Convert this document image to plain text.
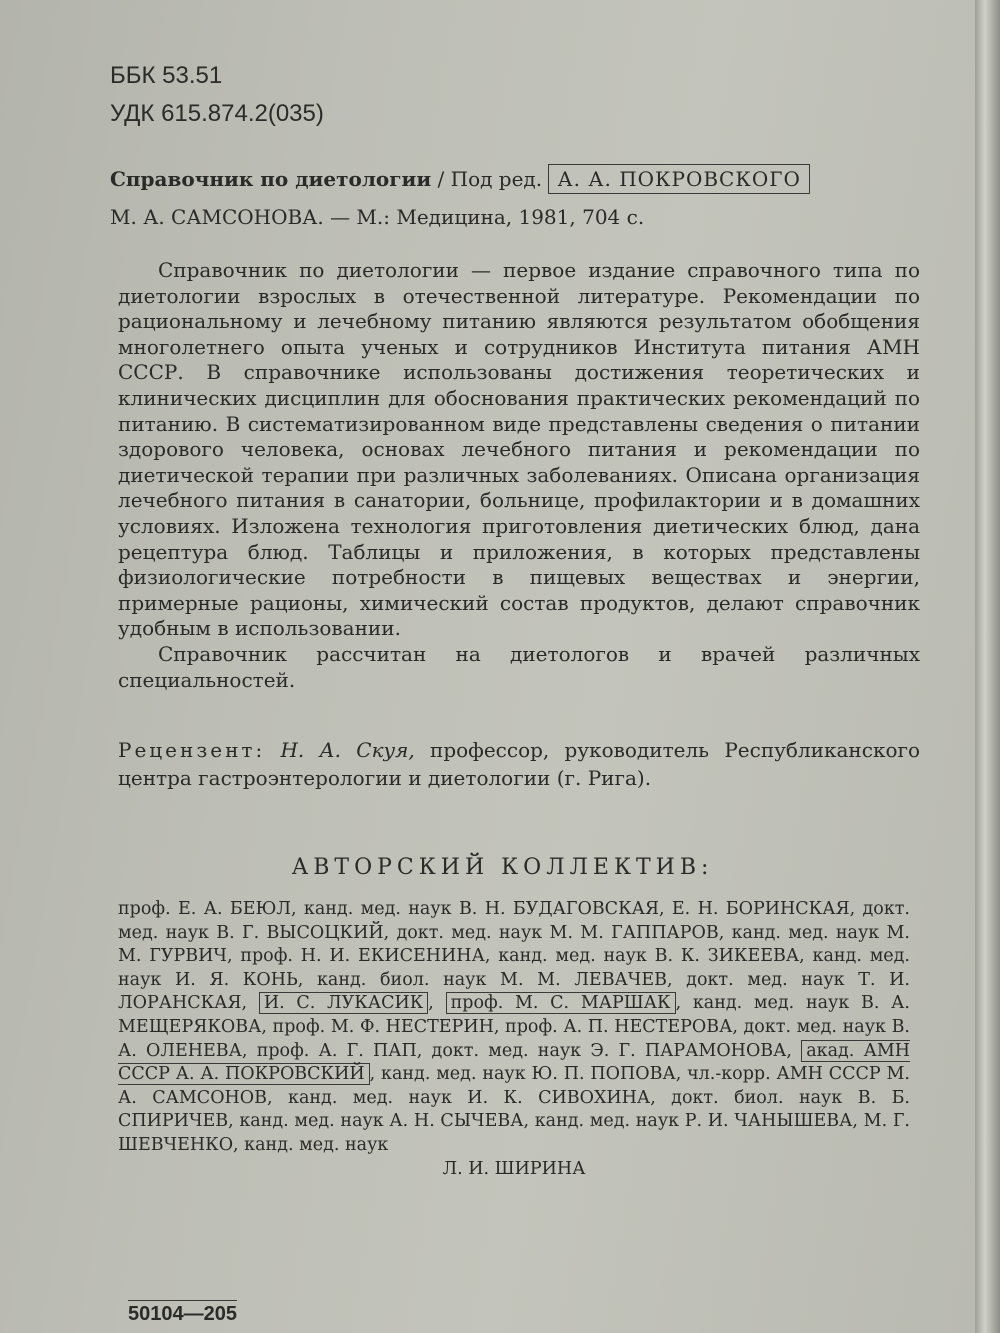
ББК 53.51
УДК 615.874.2(035)
Справочник по диетологии / Под ред. А. А. ПОКРОВСКОГО
М. А. САМСОНОВА. — М.: Медицина, 1981, 704 с.

Справочник по диетологии — первое издание справочного типа по диетологии взрослых в отечественной литературе. Рекомендации по рациональному и лечебному питанию являются результатом обобщения многолетнего опыта ученых и сотрудников Института питания АМН СССР. В справочнике использованы достижения теоретических и клинических дисциплин для обоснования практических рекомендаций по питанию. В систематизированном виде представлены сведения о питании здорового человека, основах лечебного питания и рекомендации по диетической терапии при различных заболеваниях. Описана организация лечебного питания в санатории, больнице, профилактории и в домашних условиях. Изложена технология приготовления диетических блюд, дана рецептура блюд. Таблицы и приложения, в которых представлены физиологические потребности в пищевых веществах и энергии, примерные рационы, химический состав продуктов, делают справочник удобным в использовании.

Справочник рассчитан на диетологов и врачей различных специальностей.

Рецензент: Н. А. Скуя, профессор, руководитель Республиканского центра гастроэнтерологии и диетологии (г. Рига).
АВТОРСКИЙ КОЛЛЕКТИВ:
проф. Е. А. БЕЮЛ, канд. мед. наук В. Н. БУДАГОВСКАЯ, Е. Н. БОРИНСКАЯ, докт. мед. наук В. Г. ВЫСОЦКИЙ, докт. мед. наук М. М. ГАППАРОВ, канд. мед. наук М. М. ГУРВИЧ, проф. Н. И. ЕКИСЕНИНА, канд. мед. наук В. К. ЗИКЕЕВА, канд. мед. наук И. Я. КОНЬ, канд. биол. наук М. М. ЛЕВАЧЕВ, докт. мед. наук Т. И. ЛОРАНСКАЯ, И. С. ЛУКАСИК , проф. М. С. МАРШАК , канд. мед. наук В. А. МЕЩЕРЯКОВА, проф. М. Ф. НЕСТЕРИН, проф. А. П. НЕСТЕРОВА, докт. мед. наук В. А. ОЛЕНЕВА, проф. А. Г. ПАП, докт. мед. наук Э. Г. ПАРАМОНОВА, акад. АМН СССР А. А. ПОКРОВСКИЙ , канд. мед. наук Ю. П. ПОПОВА, чл.-корр. АМН СССР М. А. САМСОНОВ, канд. мед. наук И. К. СИВОХИНА, докт. биол. наук В. Б. СПИРИЧЕВ, канд. мед. наук А. Н. СЫЧЕВА, канд. мед. наук Р. И. ЧАНЫШЕВА, М. Г. ШЕВЧЕНКО, канд. мед. наук
Л. И. ШИРИНА
50104—205
